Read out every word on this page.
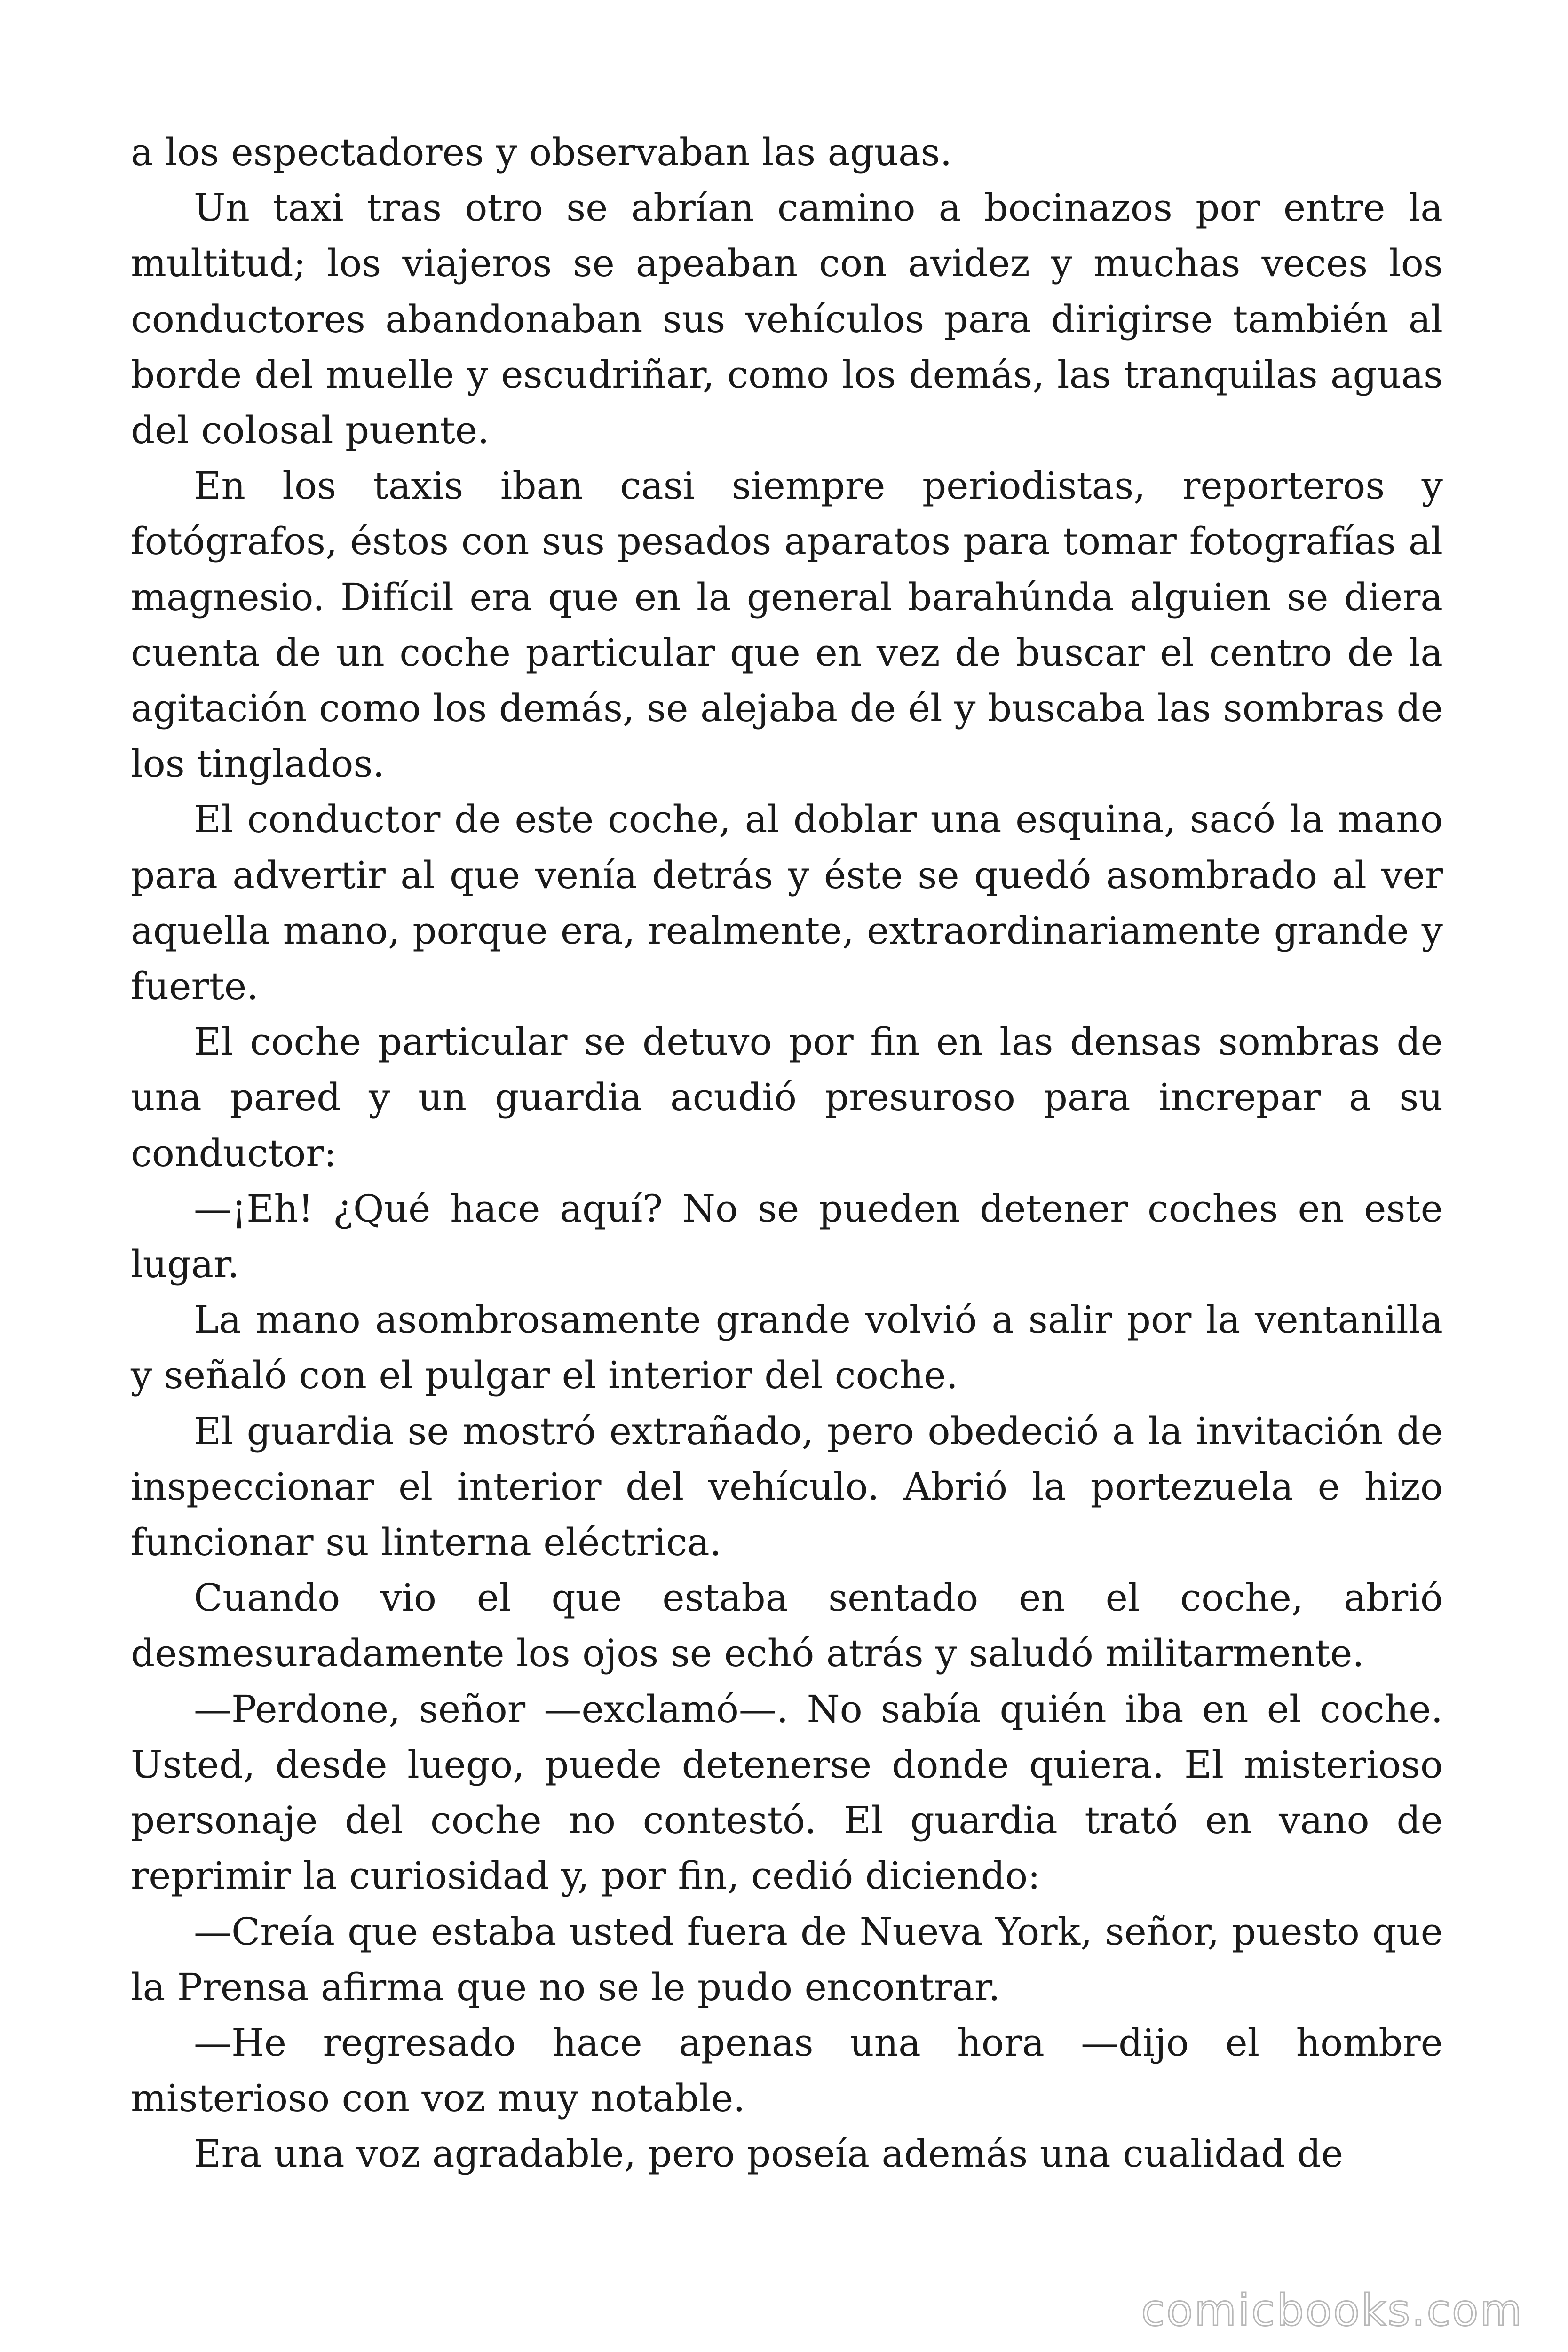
a los espectadores y observaban las aguas.

Un taxi tras otro se abrían camino a bocinazos por entre la multitud; los viajeros se apeaban con avidez y muchas veces los conductores abandonaban sus vehículos para dirigirse también al borde del muelle y escudriñar, como los demás, las tranquilas aguas del colosal puente.

En los taxis iban casi siempre periodistas, reporteros y fotógrafos, éstos con sus pesados aparatos para tomar fotografías al magnesio. Difícil era que en la general barahúnda alguien se diera cuenta de un coche particular que en vez de buscar el centro de la agitación como los demás, se alejaba de él y buscaba las sombras de los tinglados.

El conductor de este coche, al doblar una esquina, sacó la mano para advertir al que venía detrás y éste se quedó asombrado al ver aquella mano, porque era, realmente, extraordinariamente grande y fuerte.

El coche particular se detuvo por fin en las densas sombras de una pared y un guardia acudió presuroso para increpar a su conductor:

—¡Eh! ¿Qué hace aquí? No se pueden detener coches en este lugar.

La mano asombrosamente grande volvió a salir por la ventanilla y señaló con el pulgar el interior del coche.

El guardia se mostró extrañado, pero obedeció a la invitación de inspeccionar el interior del vehículo. Abrió la portezuela e hizo funcionar su linterna eléctrica.

Cuando vio el que estaba sentado en el coche, abrió desmesuradamente los ojos se echó atrás y saludó militarmente.

—Perdone, señor —exclamó—. No sabía quién iba en el coche. Usted, desde luego, puede detenerse donde quiera. El misterioso personaje del coche no contestó. El guardia trató en vano de reprimir la curiosidad y, por fin, cedió diciendo:

—Creía que estaba usted fuera de Nueva York, señor, puesto que la Prensa afirma que no se le pudo encontrar.

—He regresado hace apenas una hora —dijo el hombre misterioso con voz muy notable.

Era una voz agradable, pero poseía además una cualidad de

comicbooks.com
